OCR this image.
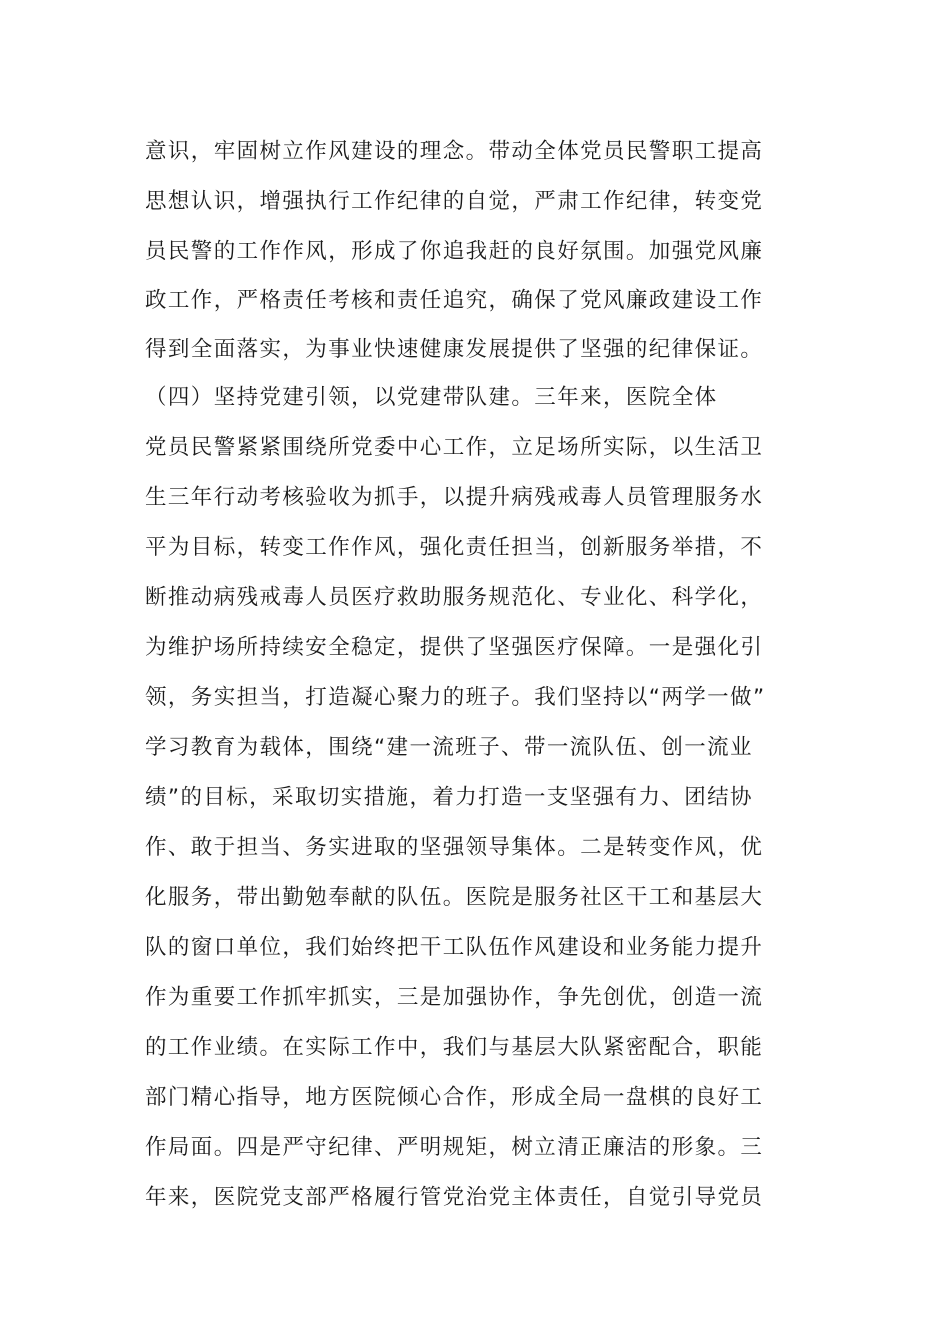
意识，牢固树立作风建设的理念。带动全体党员民警职工提高
思想认识，增强执行工作纪律的自觉，严肃工作纪律，转变党
员民警的工作作风，形成了你追我赶的良好氛围。加强党风廉
政工作，严格责任考核和责任追究，确保了党风廉政建设工作
得到全面落实，为事业快速健康发展提供了坚强的纪律保证。
（四）坚持党建引领，以党建带队建。三年来，医院全体
党员民警紧紧围绕所党委中心工作，立足场所实际，以生活卫
生三年行动考核验收为抓手，以提升病残戒毒人员管理服务水
平为目标，转变工作作风，强化责任担当，创新服务举措，不
断推动病残戒毒人员医疗救助服务规范化、专业化、科学化，
为维护场所持续安全稳定，提供了坚强医疗保障。一是强化引
领，务实担当，打造凝心聚力的班子。我们坚持以“两学一做”
学习教育为载体，围绕“建一流班子、带一流队伍、创一流业
绩”的目标，采取切实措施，着力打造一支坚强有力、团结协
作、敢于担当、务实进取的坚强领导集体。二是转变作风，优
化服务，带出勤勉奉献的队伍。医院是服务社区干工和基层大
队的窗口单位，我们始终把干工队伍作风建设和业务能力提升
作为重要工作抓牢抓实，三是加强协作，争先创优，创造一流
的工作业绩。在实际工作中，我们与基层大队紧密配合，职能
部门精心指导，地方医院倾心合作，形成全局一盘棋的良好工
作局面。四是严守纪律、严明规矩，树立清正廉洁的形象。三
年来，医院党支部严格履行管党治党主体责任，自觉引导党员
